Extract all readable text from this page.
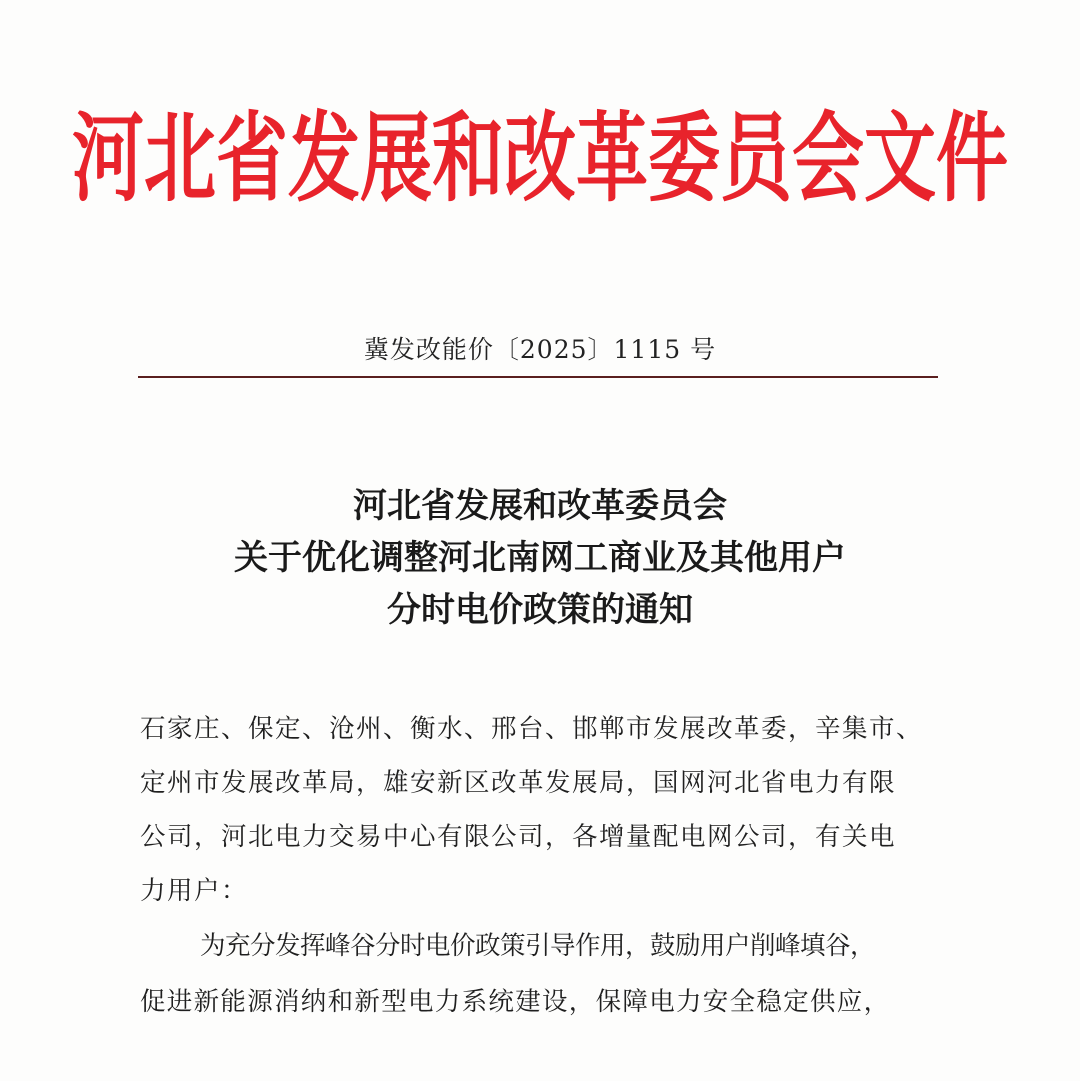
河北省发展和改革委员会文件
冀发改能价〔2025〕1115 号
河北省发展和改革委员会
关于优化调整河北南网工商业及其他用户
分时电价政策的通知
石家庄、保定、沧州、衡水、邢台、邯郸市发展改革委，辛集市、
定州市发展改革局，雄安新区改革发展局，国网河北省电力有限
公司，河北电力交易中心有限公司，各增量配电网公司，有关电
力用户：
为充分发挥峰谷分时电价政策引导作用，鼓励用户削峰填谷，
促进新能源消纳和新型电力系统建设，保障电力安全稳定供应，
